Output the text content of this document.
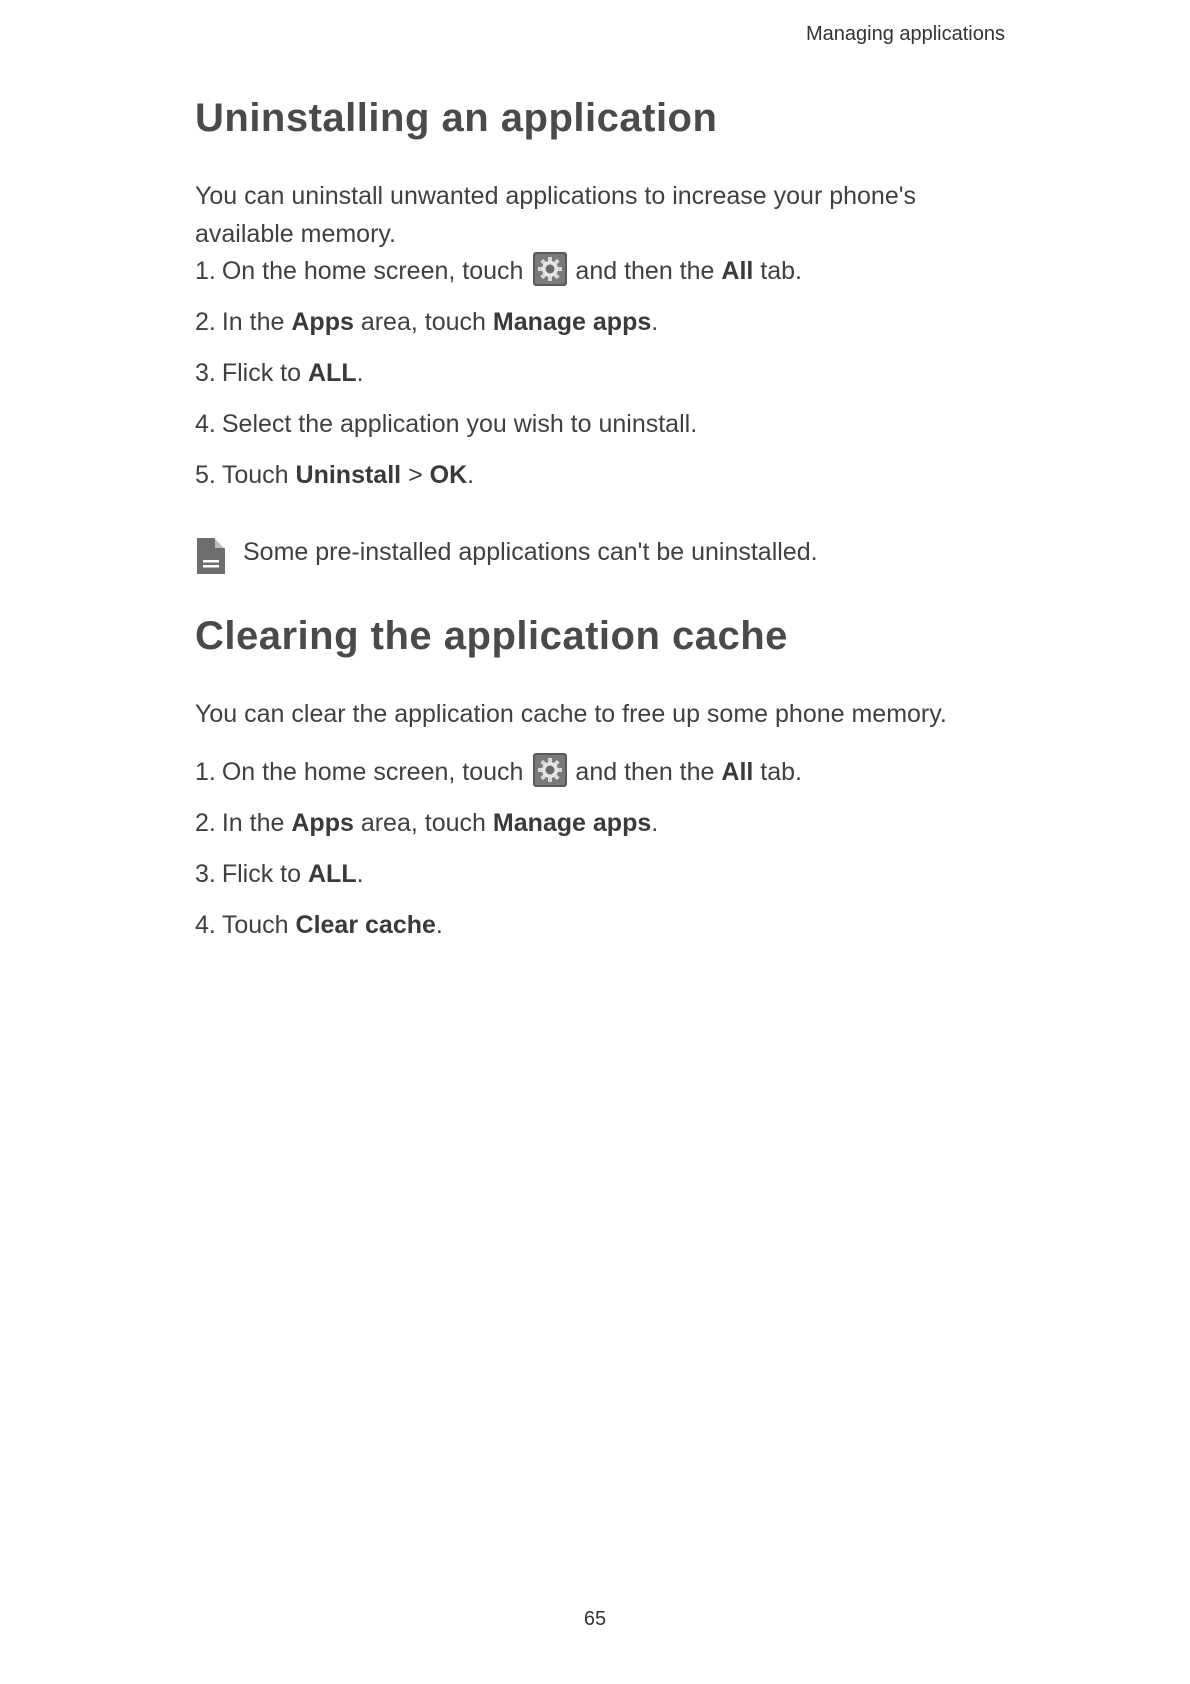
Managing applications
Uninstalling an application

You can uninstall unwanted applications to increase your phone's available memory.

1. On the home screen, touch and then the All tab.

2. In the Apps area, touch Manage apps.

3. Flick to ALL.

4. Select the application you wish to uninstall.

5. Touch Uninstall > OK.

Some pre-installed applications can't be uninstalled.
Clearing the application cache

You can clear the application cache to free up some phone memory.

1. On the home screen, touch and then the All tab.

2. In the Apps area, touch Manage apps.

3. Flick to ALL.

4. Touch Clear cache.

65
